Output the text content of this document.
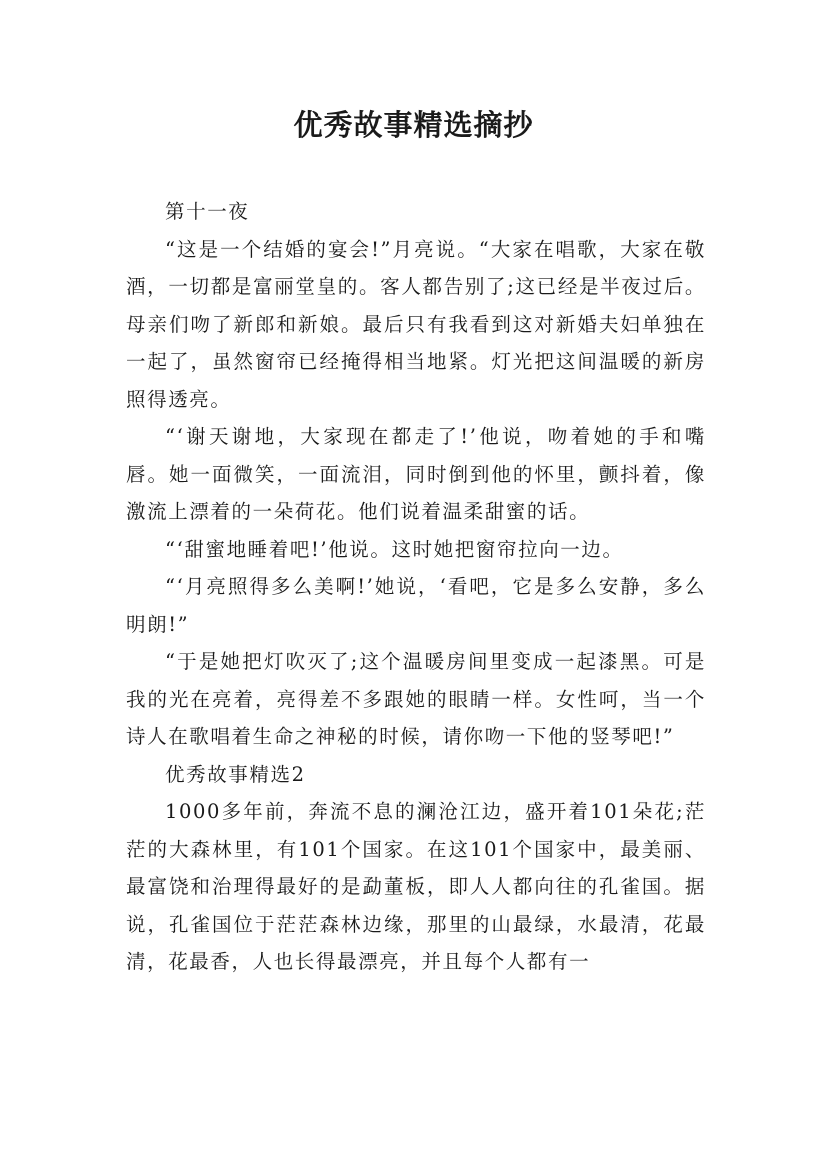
优秀故事精选摘抄

第十一夜

“这是一个结婚的宴会!”月亮说。“大家在唱歌，大家在敬酒，一切都是富丽堂皇的。客人都告别了;这已经是半夜过后。母亲们吻了新郎和新娘。最后只有我看到这对新婚夫妇单独在一起了，虽然窗帘已经掩得相当地紧。灯光把这间温暖的新房照得透亮。

“‘谢天谢地，大家现在都走了!’他说，吻着她的手和嘴唇。她一面微笑，一面流泪，同时倒到他的怀里，颤抖着，像激流上漂着的一朵荷花。他们说着温柔甜蜜的话。

“‘甜蜜地睡着吧!’他说。这时她把窗帘拉向一边。

“‘月亮照得多么美啊!’她说，‘看吧，它是多么安静，多么明朗!”

“于是她把灯吹灭了;这个温暖房间里变成一起漆黑。可是我的光在亮着，亮得差不多跟她的眼睛一样。女性呵，当一个诗人在歌唱着生命之神秘的时候，请你吻一下他的竖琴吧!”

优秀故事精选2

1000多年前，奔流不息的澜沧江边，盛开着101朵花;茫茫的大森林里，有101个国家。在这101个国家中，最美丽、最富饶和治理得最好的是勐董板，即人人都向往的孔雀国。据说，孔雀国位于茫茫森林边缘，那里的山最绿，水最清，花最清，花最香，人也长得最漂亮，并且每个人都有一
